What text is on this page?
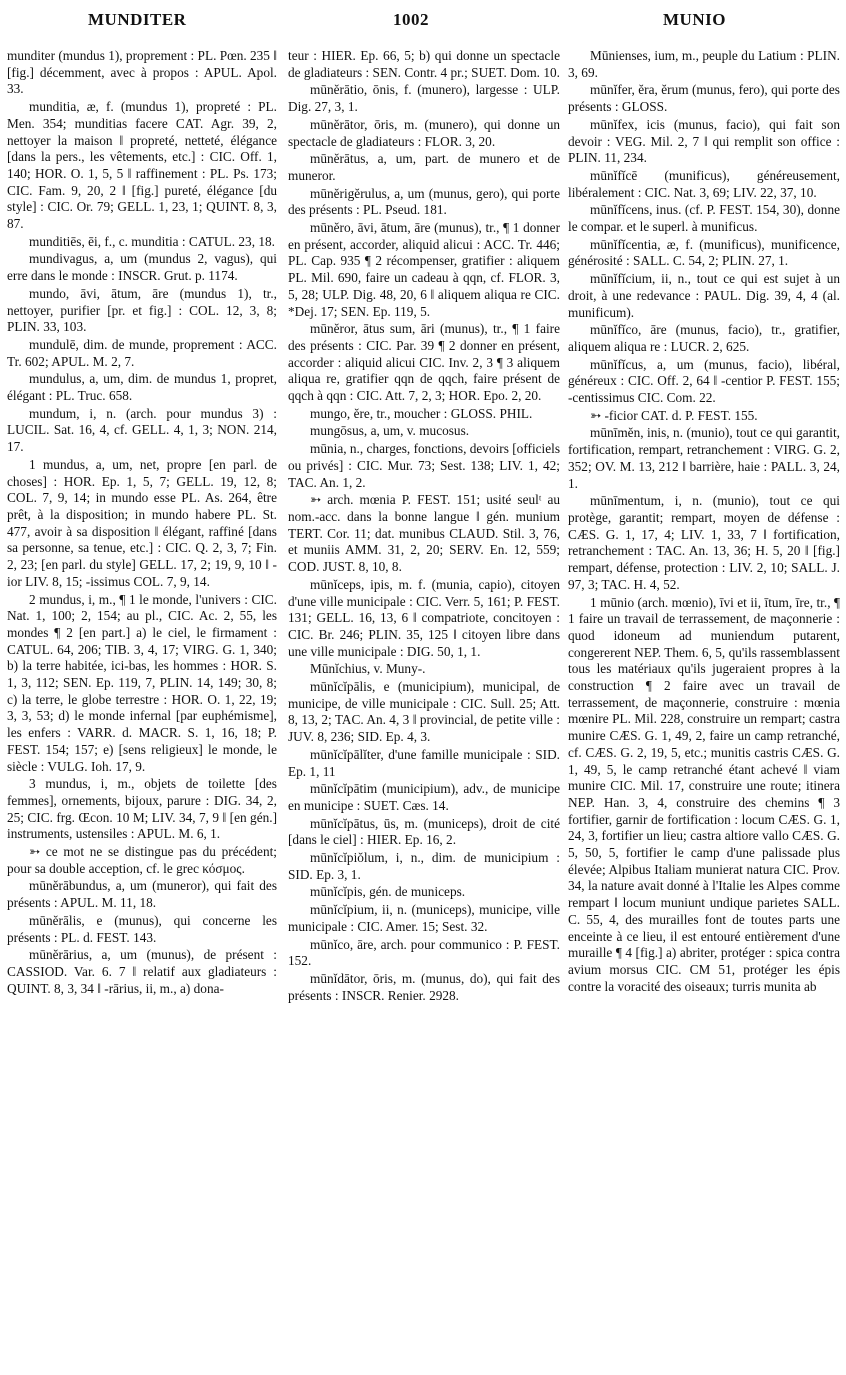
MUNDITER	1002	MUNIO

munditer (mundus 1), proprement : PL. Pœn. 235 ‖ [fig.] décemment, avec à propos : APUL. Apol. 33.

munditia, æ, f. (mundus 1), propreté : PL. Men. 354; munditias facere CAT. Agr. 39, 2, nettoyer la maison ‖ propreté, netteté, élégance [dans la pers., les vêtements, etc.] : CIC. Off. 1, 140; HOR. O. 1, 5, 5 ‖ raffinement : PL. Ps. 173; CIC. Fam. 9, 20, 2 ‖ [fig.] pureté, élégance [du style] : CIC. Or. 79; GELL. 1, 23, 1; QUINT. 8, 3, 87.

munditiēs, ēi, f., c. munditia : CATUL. 23, 18.

mundivagus, a, um (mundus 2, vagus), qui erre dans le monde : INSCR. Grut. p. 1174.

mundo, āvi, ātum, āre (mundus 1), tr., nettoyer, purifier [pr. et fig.] : COL. 12, 3, 8; PLIN. 33, 103.

mundulē, dim. de munde, proprement : ACC. Tr. 602; APUL. M. 2, 7.

mundulus, a, um, dim. de mundus 1, propret, élégant : PL. Truc. 658.

mundum, i, n. (arch. pour mundus 3) : LUCIL. Sat. 16, 4, cf. GELL. 4, 1, 3; NON. 214, 17.

1 mundus, a, um, net, propre [en parl. de choses] : HOR. Ep. 1, 5, 7; GELL. 19, 12, 8; COL. 7, 9, 14; in mundo esse PL. As. 264, être prêt, à la disposition; in mundo habere PL. St. 477, avoir à sa disposition ‖ élégant, raffiné [dans sa personne, sa tenue, etc.] : CIC. Q. 2, 3, 7; Fin. 2, 23; [en parl. du style] GELL. 17, 2; 19, 9, 10 ‖ -ior LIV. 8, 15; -issimus COL. 7, 9, 14.

2 mundus, i, m., ¶ 1 le monde, l'univers : CIC. Nat. 1, 100; 2, 154; au pl., CIC. Ac. 2, 55, les mondes ¶ 2 [en part.] a) le ciel, le firmament : CATUL. 64, 206; TIB. 3, 4, 17; VIRG. G. 1, 340; b) la terre habitée, ici-bas, les hommes : HOR. S. 1, 3, 112; SEN. Ep. 119, 7, PLIN. 14, 149; 30, 8; c) la terre, le globe terrestre : HOR. O. 1, 22, 19; 3, 3, 53; d) le monde infernal [par euphémisme], les enfers : VARR. d. MACR. S. 1, 16, 18; P. FEST. 154; 157; e) [sens religieux] le monde, le siècle : VULG. Ioh. 17, 9.

3 mundus, i, m., objets de toilette [des femmes], ornements, bijoux, parure : DIG. 34, 2, 25; CIC. frg. Œcon. 10 M; LIV. 34, 7, 9 ‖ [en gén.] instruments, ustensiles : APUL. M. 6, 1.

➳ ce mot ne se distingue pas du précédent; pour sa double acception, cf. le grec κόσμος.

mūnĕrābundus, a, um (muneror), qui fait des présents : APUL. M. 11, 18.

mūnĕrālis, e (munus), qui concerne les présents : PL. d. FEST. 143.

mūnĕrārius, a, um (munus), de présent : CASSIOD. Var. 6. 7 ‖ relatif aux gladiateurs : QUINT. 8, 3, 34 ‖ -rārius, ii, m., a) dona-

teur : HIER. Ep. 66, 5; b) qui donne un spectacle de gladiateurs : SEN. Contr. 4 pr.; SUET. Dom. 10.

mūnĕrātio, ōnis, f. (munero), largesse : ULP. Dig. 27, 3, 1.

mūnĕrātor, ōris, m. (munero), qui donne un spectacle de gladiateurs : FLOR. 3, 20.

mūnĕrātus, a, um, part. de munero et de muneror.

mūnĕrigĕrulus, a, um (munus, gero), qui porte des présents : PL. Pseud. 181.

mūnĕro, āvi, ātum, āre (munus), tr., ¶ 1 donner en présent, accorder, aliquid alicui : ACC. Tr. 446; PL. Cap. 935 ¶ 2 récompenser, gratifier : aliquem PL. Mil. 690, faire un cadeau à qqn, cf. FLOR. 3, 5, 28; ULP. Dig. 48, 20, 6 ‖ aliquem aliqua re CIC. *Dej. 17; SEN. Ep. 119, 5.

mūnĕror, ātus sum, āri (munus), tr., ¶ 1 faire des présents : CIC. Par. 39 ¶ 2 donner en présent, accorder : aliquid alicui CIC. Inv. 2, 3 ¶ 3 aliquem aliqua re, gratifier qqn de qqch, faire présent de qqch à qqn : CIC. Att. 7, 2, 3; HOR. Epo. 2, 20.

mungo, ĕre, tr., moucher : GLOSS. PHIL.

mungōsus, a, um, v. mucosus.

mūnia, n., charges, fonctions, devoirs [officiels ou privés] : CIC. Mur. 73; Sest. 138; LIV. 1, 42; TAC. An. 1, 2.

➳ arch. mœnia P. FEST. 151; usité seulᵗ au nom.-acc. dans la bonne langue ‖ gén. munium TERT. Cor. 11; dat. munibus CLAUD. Stil. 3, 76, et muniis AMM. 31, 2, 20; SERV. En. 12, 559; COD. JUST. 8, 10, 8.

mūnĭceps, ipis, m. f. (munia, capio), citoyen d'une ville municipale : CIC. Verr. 5, 161; P. FEST. 131; GELL. 16, 13, 6 ‖ compatriote, concitoyen : CIC. Br. 246; PLIN. 35, 125 ‖ citoyen libre dans une ville municipale : DIG. 50, 1, 1.

Mūnĭchius, v. Muny-.

mūnĭcĭpālis, e (municipium), municipal, de municipe, de ville municipale : CIC. Sull. 25; Att. 8, 13, 2; TAC. An. 4, 3 ‖ provincial, de petite ville : JUV. 8, 236; SID. Ep. 4, 3.

mūnĭcĭpālĭter, d'une famille municipale : SID. Ep. 1, 11

mūnĭcĭpātim (municipium), adv., de municipe en municipe : SUET. Cæs. 14.

mūnĭcĭpātus, ūs, m. (municeps), droit de cité [dans le ciel] : HIER. Ep. 16, 2.

mūnĭcĭpiŏlum, i, n., dim. de municipium : SID. Ep. 3, 1.

mūnĭcĭpis, gén. de municeps.

mūnĭcĭpium, ii, n. (municeps), municipe, ville municipale : CIC. Amer. 15; Sest. 32.

mūnĭco, āre, arch. pour communico : P. FEST. 152.

mūnĭdātor, ōris, m. (munus, do), qui fait des présents : INSCR. Renier. 2928.

Mūnienses, ium, m., peuple du Latium : PLIN. 3, 69.

mūnĭfer, ĕra, ĕrum (munus, fero), qui porte des présents : GLOSS.

mūnĭfex, icis (munus, facio), qui fait son devoir : VEG. Mil. 2, 7 ‖ qui remplit son office : PLIN. 11, 234.

mūnĭfĭcē (munificus), généreusement, libéralement : CIC. Nat. 3, 69; LIV. 22, 37, 10.

mūnĭfĭcens, inus. (cf. P. FEST. 154, 30), donne le compar. et le superl. à munificus.

mūnĭfĭcentia, æ, f. (munificus), munificence, générosité : SALL. C. 54, 2; PLIN. 27, 1.

mūnĭfĭcium, ii, n., tout ce qui est sujet à un droit, à une redevance : PAUL. Dig. 39, 4, 4 (al. munificum).

mūnĭfĭco, āre (munus, facio), tr., gratifier, aliquem aliqua re : LUCR. 2, 625.

mūnĭfĭcus, a, um (munus, facio), libéral, généreux : CIC. Off. 2, 64 ‖ -centior P. FEST. 155; -centissimus CIC. Com. 22.

➳ -ficior CAT. d. P. FEST. 155.

mūnīmĕn, inis, n. (munio), tout ce qui garantit, fortification, rempart, retranchement : VIRG. G. 2, 352; OV. M. 13, 212 ‖ barrière, haie : PALL. 3, 24, 1.

mūnīmentum, i, n. (munio), tout ce qui protège, garantit; rempart, moyen de défense : CÆS. G. 1, 17, 4; LIV. 1, 33, 7 ‖ fortification, retranchement : TAC. An. 13, 36; H. 5, 20 ‖ [fig.] rempart, défense, protection : LIV. 2, 10; SALL. J. 97, 3; TAC. H. 4, 52.

1 mūnio (arch. mœnio), īvi et ii, ītum, īre, tr., ¶ 1 faire un travail de terrassement, de maçonnerie : quod idoneum ad muniendum putarent, congererent NEP. Them. 6, 5, qu'ils rassemblassent tous les matériaux qu'ils jugeraient propres à la construction ¶ 2 faire avec un travail de terrassement, de maçonnerie, construire : mœnia mœnire PL. Mil. 228, construire un rempart; castra munire CÆS. G. 1, 49, 2, faire un camp retranché, cf. CÆS. G. 2, 19, 5, etc.; munitis castris CÆS. G. 1, 49, 5, le camp retranché étant achevé ‖ viam munire CIC. Mil. 17, construire une route; itinera NEP. Han. 3, 4, construire des chemins ¶ 3 fortifier, garnir de fortification : locum CÆS. G. 1, 24, 3, fortifier un lieu; castra altiore vallo CÆS. G. 5, 50, 5, fortifier le camp d'une palissade plus élevée; Alpibus Italiam munierat natura CIC. Prov. 34, la nature avait donné à l'Italie les Alpes comme rempart ‖ locum muniunt undique parietes SALL. C. 55, 4, des murailles font de toutes parts une enceinte à ce lieu, il est entouré entièrement d'une muraille ¶ 4 [fig.] a) abriter, protéger : spica contra avium morsus CIC. CM 51, protéger les épis contre la voracité des oiseaux; turris munita ab
